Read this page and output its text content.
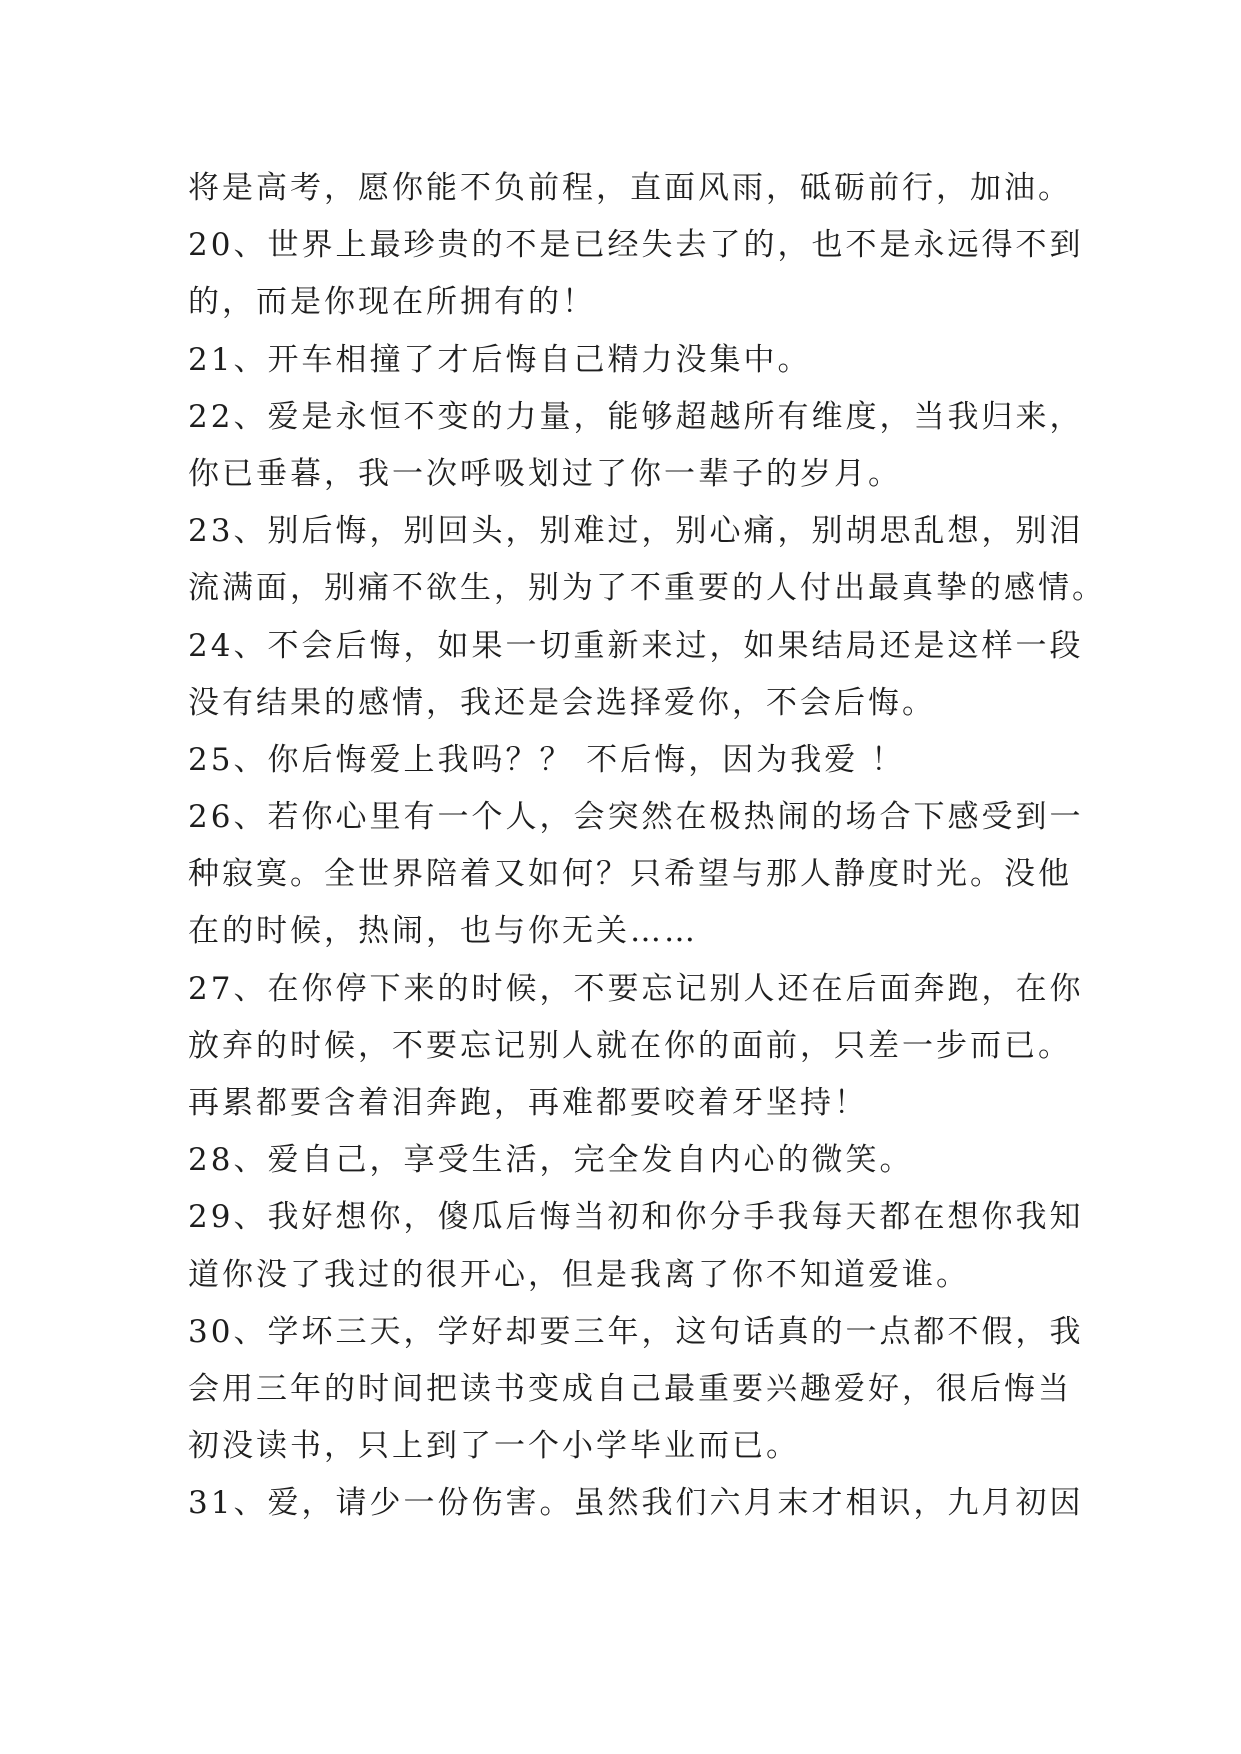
将是高考，愿你能不负前程，直面风雨，砥砺前行，加油。
20、世界上最珍贵的不是已经失去了的，也不是永远得不到
的，而是你现在所拥有的！
21、开车相撞了才后悔自己精力没集中。
22、爱是永恒不变的力量，能够超越所有维度，当我归来，
你已垂暮，我一次呼吸划过了你一辈子的岁月。
23、别后悔，别回头，别难过，别心痛，别胡思乱想，别泪
流满面，别痛不欲生，别为了不重要的人付出最真挚的感情。
24、不会后悔，如果一切重新来过，如果结局还是这样一段
没有结果的感情，我还是会选择爱你，不会后悔。
25、你后悔爱上我吗？？ 不后悔，因为我爱 ！
26、若你心里有一个人，会突然在极热闹的场合下感受到一
种寂寞。全世界陪着又如何？只希望与那人静度时光。没他
在的时候，热闹，也与你无关……
27、在你停下来的时候，不要忘记别人还在后面奔跑，在你
放弃的时候，不要忘记别人就在你的面前，只差一步而已。
再累都要含着泪奔跑，再难都要咬着牙坚持！
28、爱自己，享受生活，完全发自内心的微笑。
29、我好想你，傻瓜后悔当初和你分手我每天都在想你我知
道你没了我过的很开心，但是我离了你不知道爱谁。
30、学坏三天，学好却要三年，这句话真的一点都不假，我
会用三年的时间把读书变成自己最重要兴趣爱好，很后悔当
初没读书，只上到了一个小学毕业而已。
31、爱，请少一份伤害。虽然我们六月末才相识，九月初因
